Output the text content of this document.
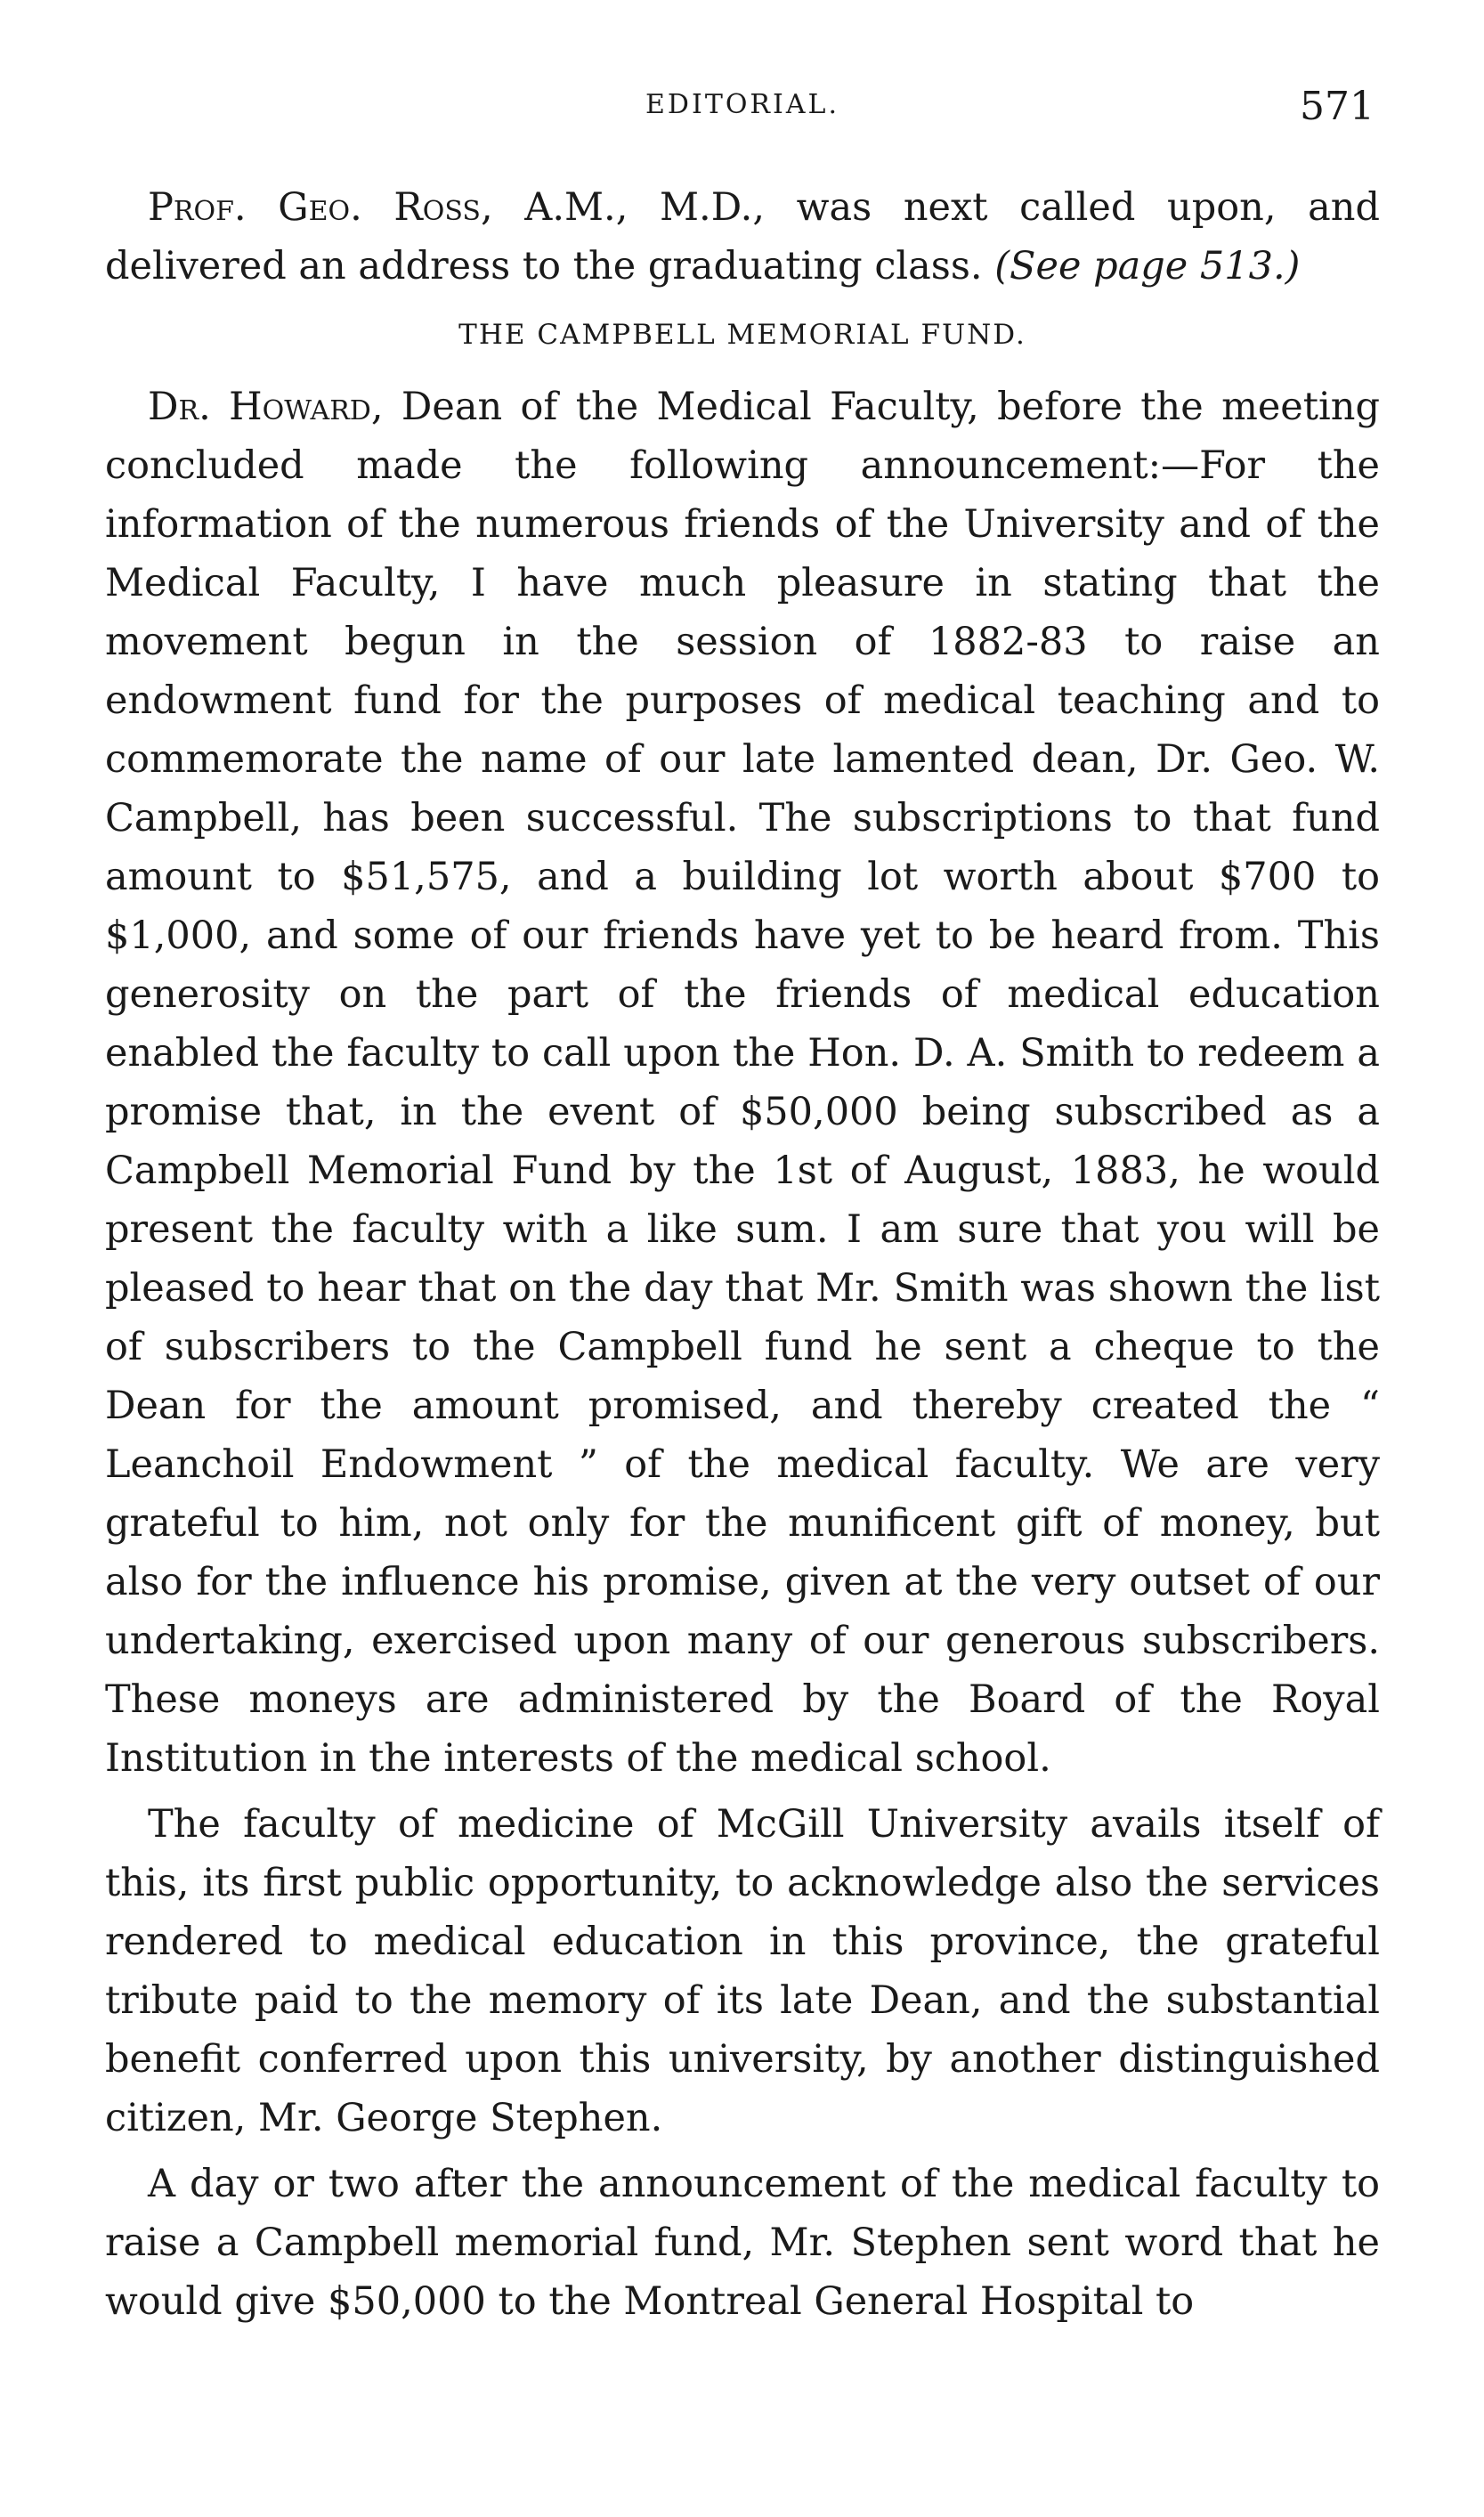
EDITORIAL.	571

Prof. Geo. Ross, A.M., M.D., was next called upon, and delivered an address to the graduating class. (See page 513.)

THE CAMPBELL MEMORIAL FUND.

Dr. Howard, Dean of the Medical Faculty, before the meeting concluded made the following announcement:—For the information of the numerous friends of the University and of the Medical Faculty, I have much pleasure in stating that the movement begun in the session of 1882-83 to raise an endowment fund for the purposes of medical teaching and to commemorate the name of our late lamented dean, Dr. Geo. W. Campbell, has been successful. The subscriptions to that fund amount to $51,575, and a building lot worth about $700 to $1,000, and some of our friends have yet to be heard from. This generosity on the part of the friends of medical education enabled the faculty to call upon the Hon. D. A. Smith to redeem a promise that, in the event of $50,000 being subscribed as a Campbell Memorial Fund by the 1st of August, 1883, he would present the faculty with a like sum. I am sure that you will be pleased to hear that on the day that Mr. Smith was shown the list of subscribers to the Campbell fund he sent a cheque to the Dean for the amount promised, and thereby created the “ Leanchoil Endowment ” of the medical faculty. We are very grateful to him, not only for the munificent gift of money, but also for the influence his promise, given at the very outset of our undertaking, exercised upon many of our generous subscribers. These moneys are administered by the Board of the Royal Institution in the interests of the medical school.

The faculty of medicine of McGill University avails itself of this, its first public opportunity, to acknowledge also the services rendered to medical education in this province, the grateful tribute paid to the memory of its late Dean, and the substantial benefit conferred upon this university, by another distinguished citizen, Mr. George Stephen.

A day or two after the announcement of the medical faculty to raise a Campbell memorial fund, Mr. Stephen sent word that he would give $50,000 to the Montreal General Hospital to
